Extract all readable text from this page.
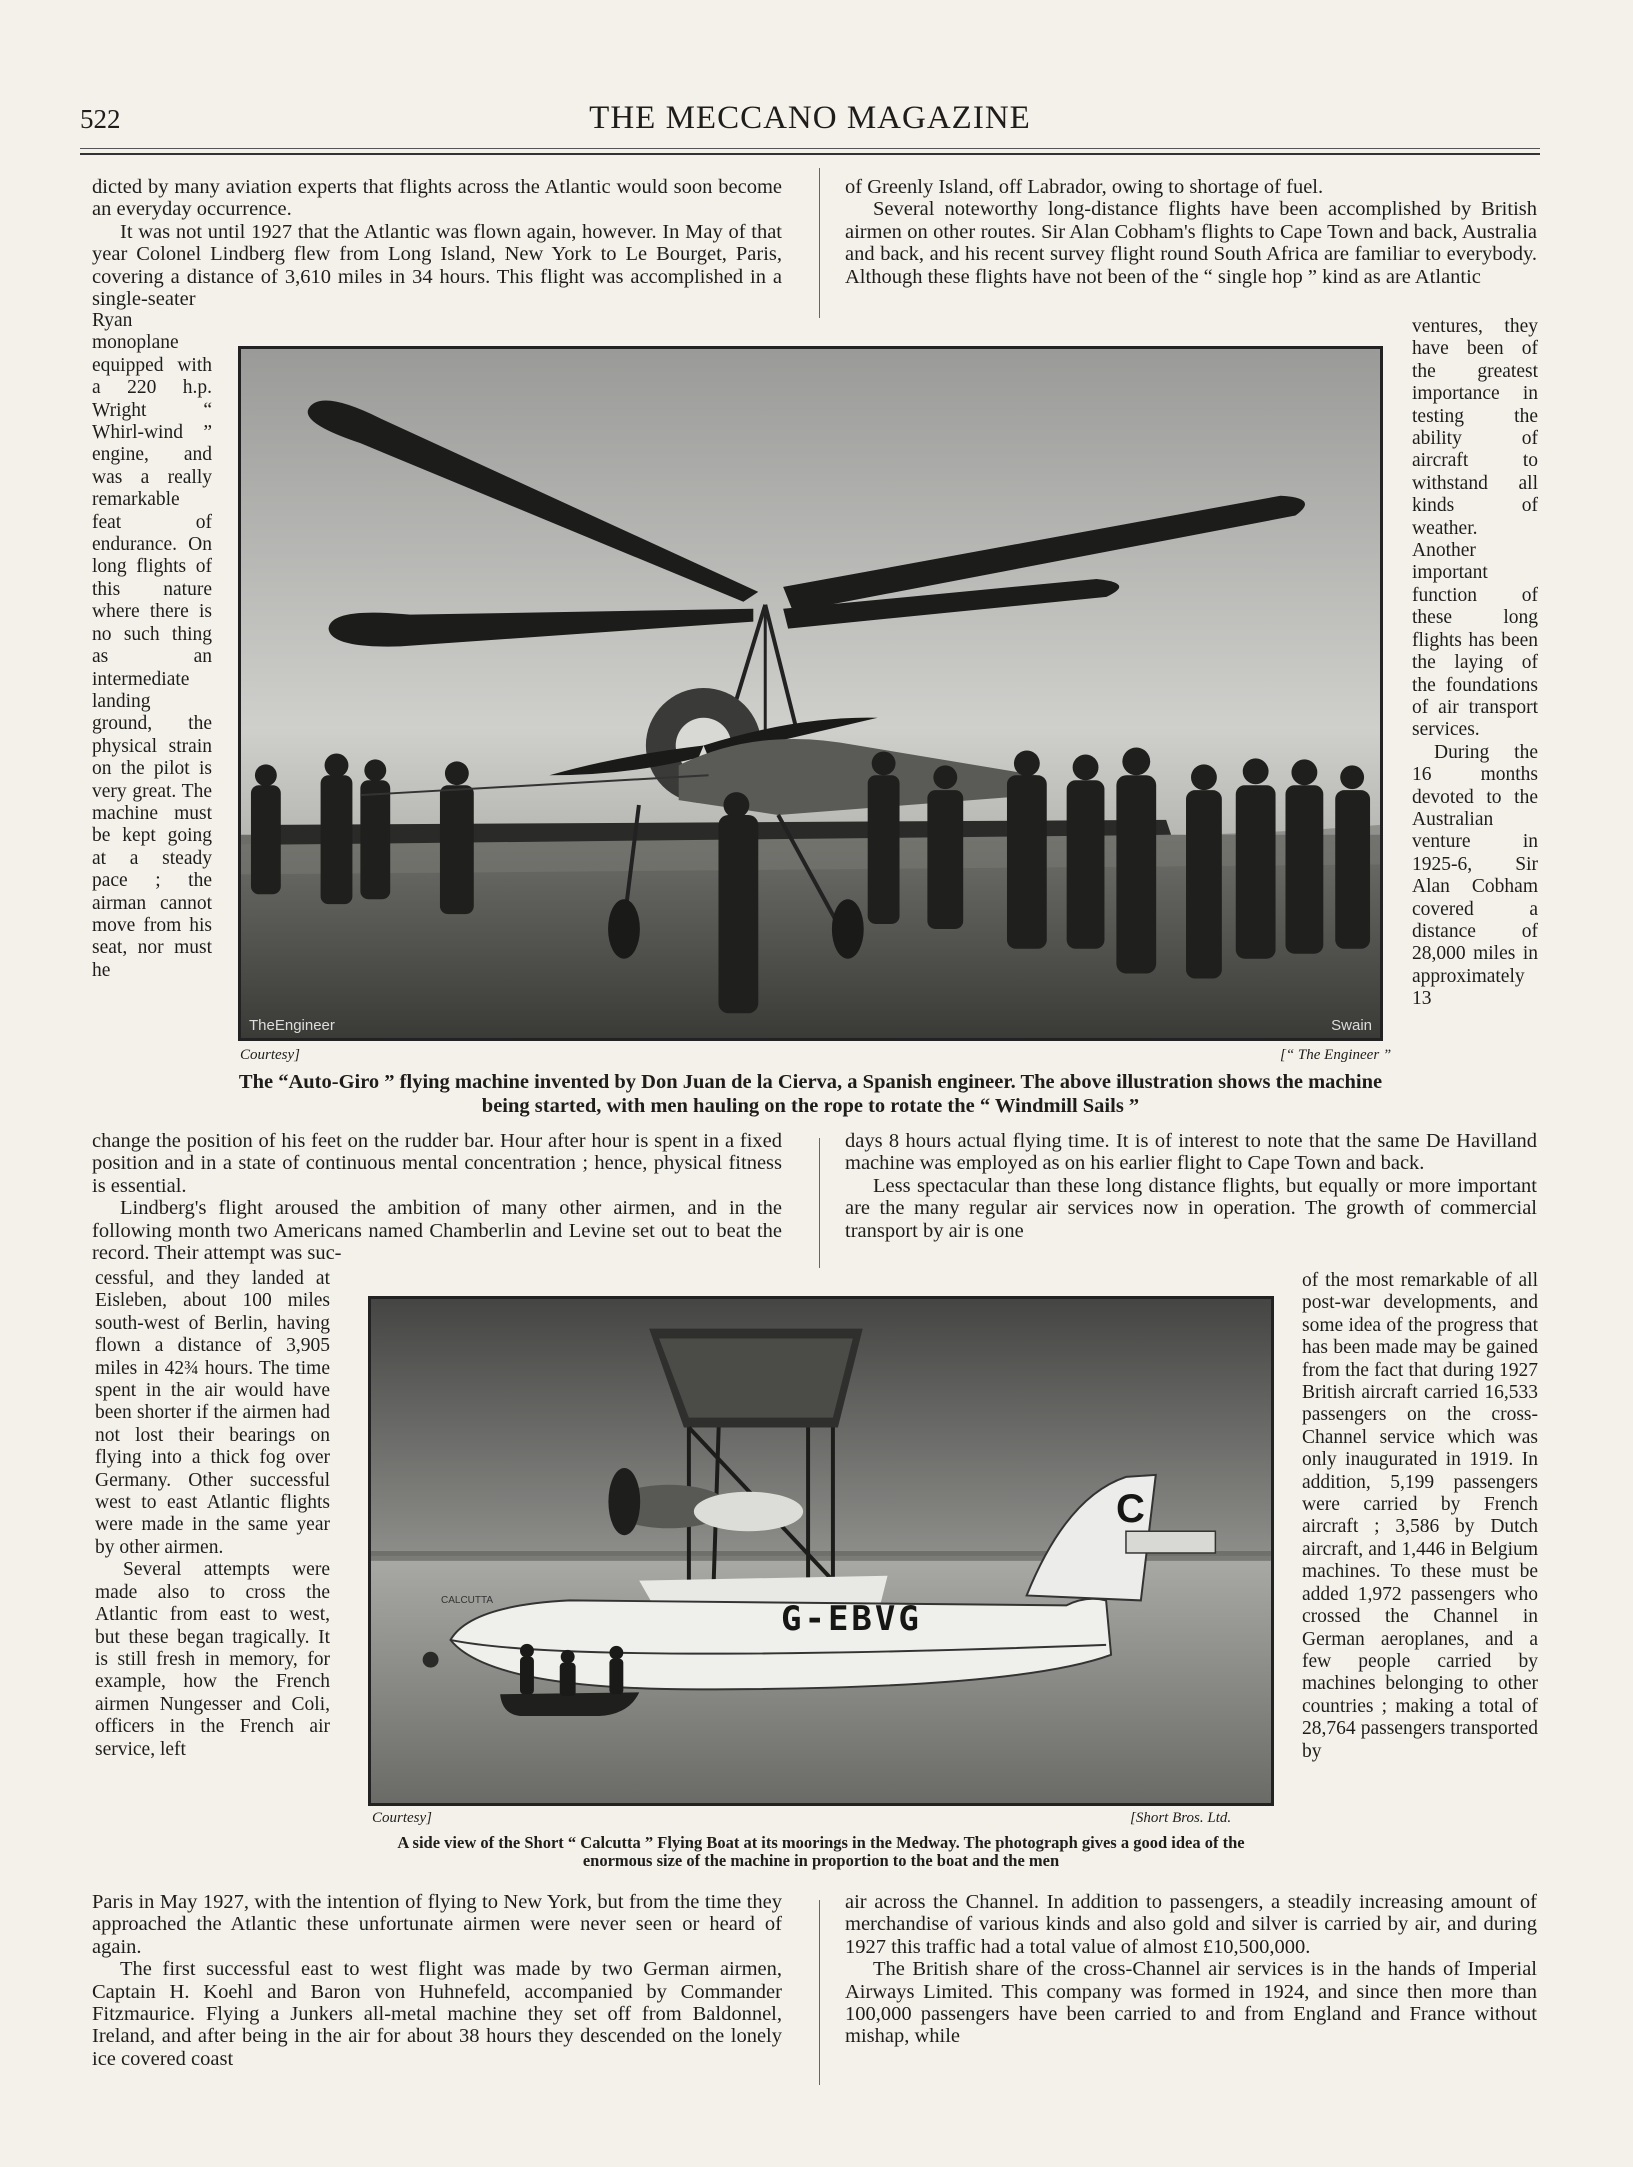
522	THE MECCANO MAGAZINE

dicted by many aviation experts that flights across the Atlantic would soon become an everyday occurrence.

It was not until 1927 that the Atlantic was flown again, however. In May of that year Colonel Lindberg flew from Long Island, New York to Le Bourget, Paris, covering a distance of 3,610 miles in 34 hours. This flight was accomplished in a single-seater

of Greenly Island, off Labrador, owing to shortage of fuel.

Several noteworthy long-distance flights have been accomplished by British airmen on other routes. Sir Alan Cobham's flights to Cape Town and back, Australia and back, and his recent survey flight round South Africa are familiar to everybody. Although these flights have not been of the “ single hop ” kind as are Atlantic

Ryan monoplane equipped with a 220 h.p. Wright “ Whirl-wind ” engine, and was a really remarkable feat of endurance. On long flights of this nature where there is no such thing as an intermediate landing ground, the physical strain on the pilot is very great. The machine must be kept going at a steady pace ; the airman cannot move from his seat, nor must he

ventures, they have been of the greatest importance in testing the ability of aircraft to withstand all kinds of weather. Another important function of these long flights has been the laying of the foundations of air transport services.

During the 16 months devoted to the Australian venture in 1925-6, Sir Alan Cobham covered a distance of 28,000 miles in approximately 13

TheEngineer	Swain
Courtesy]	[“ The Engineer ”

The “Auto-Giro ” flying machine invented by Don Juan de la Cierva, a Spanish engineer. The above illustration shows the machine being started, with men hauling on the rope to rotate the “ Windmill Sails ”

change the position of his feet on the rudder bar. Hour after hour is spent in a fixed position and in a state of continuous mental concentration ; hence, physical fitness is essential.

Lindberg's flight aroused the ambition of many other airmen, and in the following month two Americans named Chamberlin and Levine set out to beat the record. Their attempt was suc-

days 8 hours actual flying time. It is of interest to note that the same De Havilland machine was employed as on his earlier flight to Cape Town and back.

Less spectacular than these long distance flights, but equally or more important are the many regular air services now in operation. The growth of commercial transport by air is one

cessful, and they landed at Eisleben, about 100 miles south-west of Berlin, having flown a distance of 3,905 miles in 42¾ hours. The time spent in the air would have been shorter if the airmen had not lost their bearings on flying into a thick fog over Germany. Other successful west to east Atlantic flights were made in the same year by other airmen.

Several attempts were made also to cross the Atlantic from east to west, but these began tragically. It is still fresh in memory, for example, how the French airmen Nungesser and Coli, officers in the French air service, left

of the most remarkable of all post-war developments, and some idea of the progress that has been made may be gained from the fact that during 1927 British aircraft carried 16,533 passengers on the cross-Channel service which was only inaugurated in 1919. In addition, 5,199 passengers were carried by French aircraft ; 3,586 by Dutch aircraft, and 1,446 in Belgium machines. To these must be added 1,972 passengers who crossed the Channel in German aeroplanes, and a few people carried by machines belonging to other countries ; making a total of 28,764 passengers transported by

CALCUTTA	G-EBVG
C
Courtesy]	[Short Bros. Ltd.

A side view of the Short “ Calcutta ” Flying Boat at its moorings in the Medway. The photograph gives a good idea of the enormous size of the machine in proportion to the boat and the men

Paris in May 1927, with the intention of flying to New York, but from the time they approached the Atlantic these unfortunate airmen were never seen or heard of again.

The first successful east to west flight was made by two German airmen, Captain H. Koehl and Baron von Huhnefeld, accompanied by Commander Fitzmaurice. Flying a Junkers all-metal machine they set off from Baldonnel, Ireland, and after being in the air for about 38 hours they descended on the lonely ice covered coast

air across the Channel. In addition to passengers, a steadily increasing amount of merchandise of various kinds and also gold and silver is carried by air, and during 1927 this traffic had a total value of almost £10,500,000.

The British share of the cross-Channel air services is in the hands of Imperial Airways Limited. This company was formed in 1924, and since then more than 100,000 passengers have been carried to and from England and France without mishap, while
